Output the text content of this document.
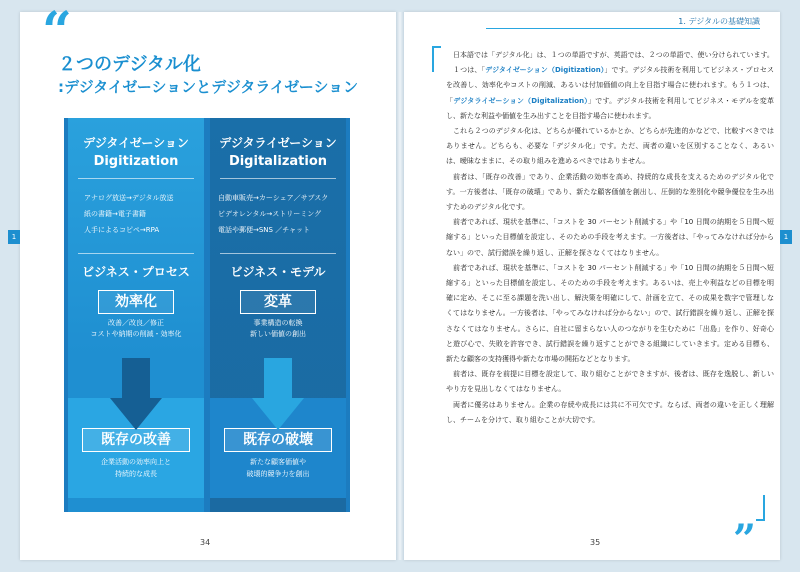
1	1
“
”
２つのデジタル化
:デジタイゼーションとデジタライゼーション
1. デジタルの基礎知識
デジタイゼーション
Digitization
アナログ放送→デジタル放送
紙の書籍→電子書籍
人手によるコピペ→RPA
ビジネス・プロセス
効率化
改善／改良／修正
コストや納期の削減・効率化
既存の改善
企業活動の効率向上と
持続的な成長
デジタライゼーション
Digitalization
自動車販売→カーシェア／サブスク
ビデオレンタル→ストリーミング
電話や郵便→SNS ／チャット
ビジネス・モデル
変革
事業構造の転換
新しい価値の創出
既存の破壊
新たな顧客価値や
破壊的競争力を創出

日本語では「デジタル化」は、１つの単語ですが、英語では、２つの単語で、使い分けられています。

１つは、「デジタイゼーション（Digitization）」です。デジタル技術を利用してビジネス・プロセスを改善し、効率化やコストの削減、あるいは付加価値の向上を目指す場合に使われます。もう１つは、「デジタライゼーション（Digitalization）」です。デジタル技術を利用してビジネス・モデルを変革し、新たな利益や価値を生み出すことを目指す場合に使われます。

これら２つのデジタル化は、どちらが優れているかとか、どちらが先進的かなどで、比較すべきではありません。どちらも、必要な「デジタル化」です。ただ、両者の違いを区別することなく、あるいは、曖昧なままに、その取り組みを進めるべきではありません。

前者は、「既存の改善」であり、企業活動の効率を高め、持続的な成長を支えるためのデジタル化です。一方後者は、「既存の破壊」であり、新たな顧客価値を創出し、圧倒的な差別化や競争優位を生み出すためのデジタル化です。

前者であれば、現状を基準に、「コストを 30 パーセント削減する」や「10 日間の納期を５日間へ短縮する」といった目標値を設定し、そのための手段を考えます。一方後者は、「やってみなければ分からない」ので、試行錯誤を繰り返し、正解を探さなくてはなりません。

前者であれば、現状を基準に、「コストを 30 パーセント削減する」や「10 日間の納期を５日間へ短縮する」といった目標値を設定し、そのための手段を考えます。あるいは、売上や利益などの目標を明確に定め、そこに至る課題を洗い出し、解決策を明確にして、計画を立て、その成果を数字で管理しなくてはなりません。一方後者は、「やってみなければ分からない」ので、試行錯誤を繰り返し、正解を探さなくてはなりません。さらに、自社に留まらない人のつながりを生むために「出島」を作り、好奇心と遊び心で、失敗を許容でき、試行錯誤を繰り返すことができる組織にしていきます。定める目標も、新たな顧客の支持獲得や新たな市場の開拓などとなります。

前者は、既存を前提に目標を設定して、取り組むことができますが、後者は、既存を逸脱し、新しいやり方を見出しなくてはなりません。

両者に優劣はありません。企業の存続や成長には共に不可欠です。ならば、両者の違いを正しく理解し、チームを分けて、取り組むことが大切です。

34	35
